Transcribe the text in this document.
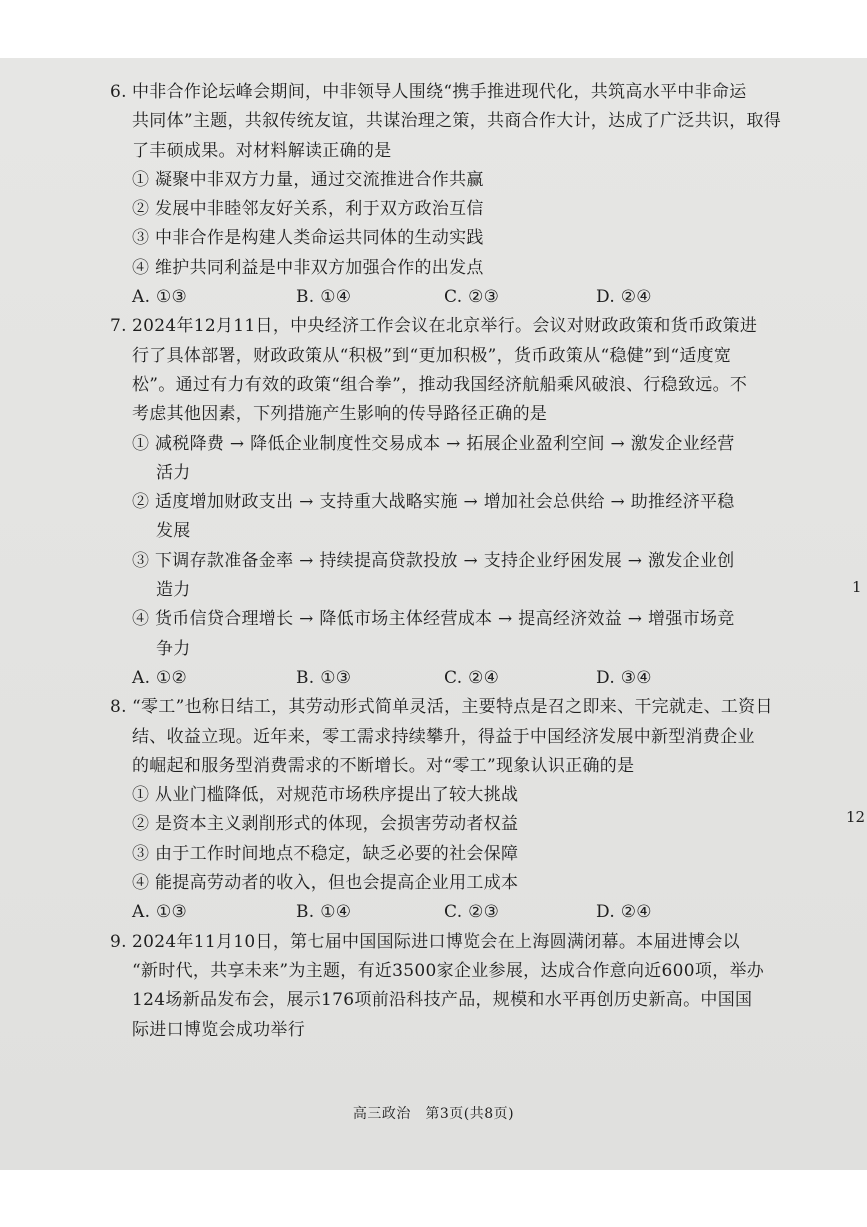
6. 中非合作论坛峰会期间，中非领导人围绕“携手推进现代化，共筑高水平中非命运
共同体”主题，共叙传统友谊，共谋治理之策，共商合作大计，达成了广泛共识，取得
了丰硕成果。对材料解读正确的是
① 凝聚中非双方力量，通过交流推进合作共赢
② 发展中非睦邻友好关系，利于双方政治互信
③ 中非合作是构建人类命运共同体的生动实践
④ 维护共同利益是中非双方加强合作的出发点
A. ①③	B. ①④	C. ②③	D. ②④
7. 2024年12月11日，中央经济工作会议在北京举行。会议对财政政策和货币政策进
行了具体部署，财政政策从“积极”到“更加积极”，货币政策从“稳健”到“适度宽
松”。通过有力有效的政策“组合拳”，推动我国经济航船乘风破浪、行稳致远。不
考虑其他因素，下列措施产生影响的传导路径正确的是
① 减税降费 → 降低企业制度性交易成本 → 拓展企业盈利空间 → 激发企业经营
活力
② 适度增加财政支出 → 支持重大战略实施 → 增加社会总供给 → 助推经济平稳
发展
③ 下调存款准备金率 → 持续提高贷款投放 → 支持企业纾困发展 → 激发企业创
造力
④ 货币信贷合理增长 → 降低市场主体经营成本 → 提高经济效益 → 增强市场竞
争力
A. ①②	B. ①③	C. ②④	D. ③④
8. “零工”也称日结工，其劳动形式简单灵活，主要特点是召之即来、干完就走、工资日
结、收益立现。近年来，零工需求持续攀升，得益于中国经济发展中新型消费企业
的崛起和服务型消费需求的不断增长。对“零工”现象认识正确的是
① 从业门槛降低，对规范市场秩序提出了较大挑战
② 是资本主义剥削形式的体现，会损害劳动者权益
③ 由于工作时间地点不稳定，缺乏必要的社会保障
④ 能提高劳动者的收入，但也会提高企业用工成本
A. ①③	B. ①④	C. ②③	D. ②④
9. 2024年11月10日，第七届中国国际进口博览会在上海圆满闭幕。本届进博会以
“新时代，共享未来”为主题，有近3500家企业参展，达成合作意向近600项，举办
124场新品发布会，展示176项前沿科技产品，规模和水平再创历史新高。中国国
际进口博览会成功举行
1
12
高三政治　第3页(共8页)
